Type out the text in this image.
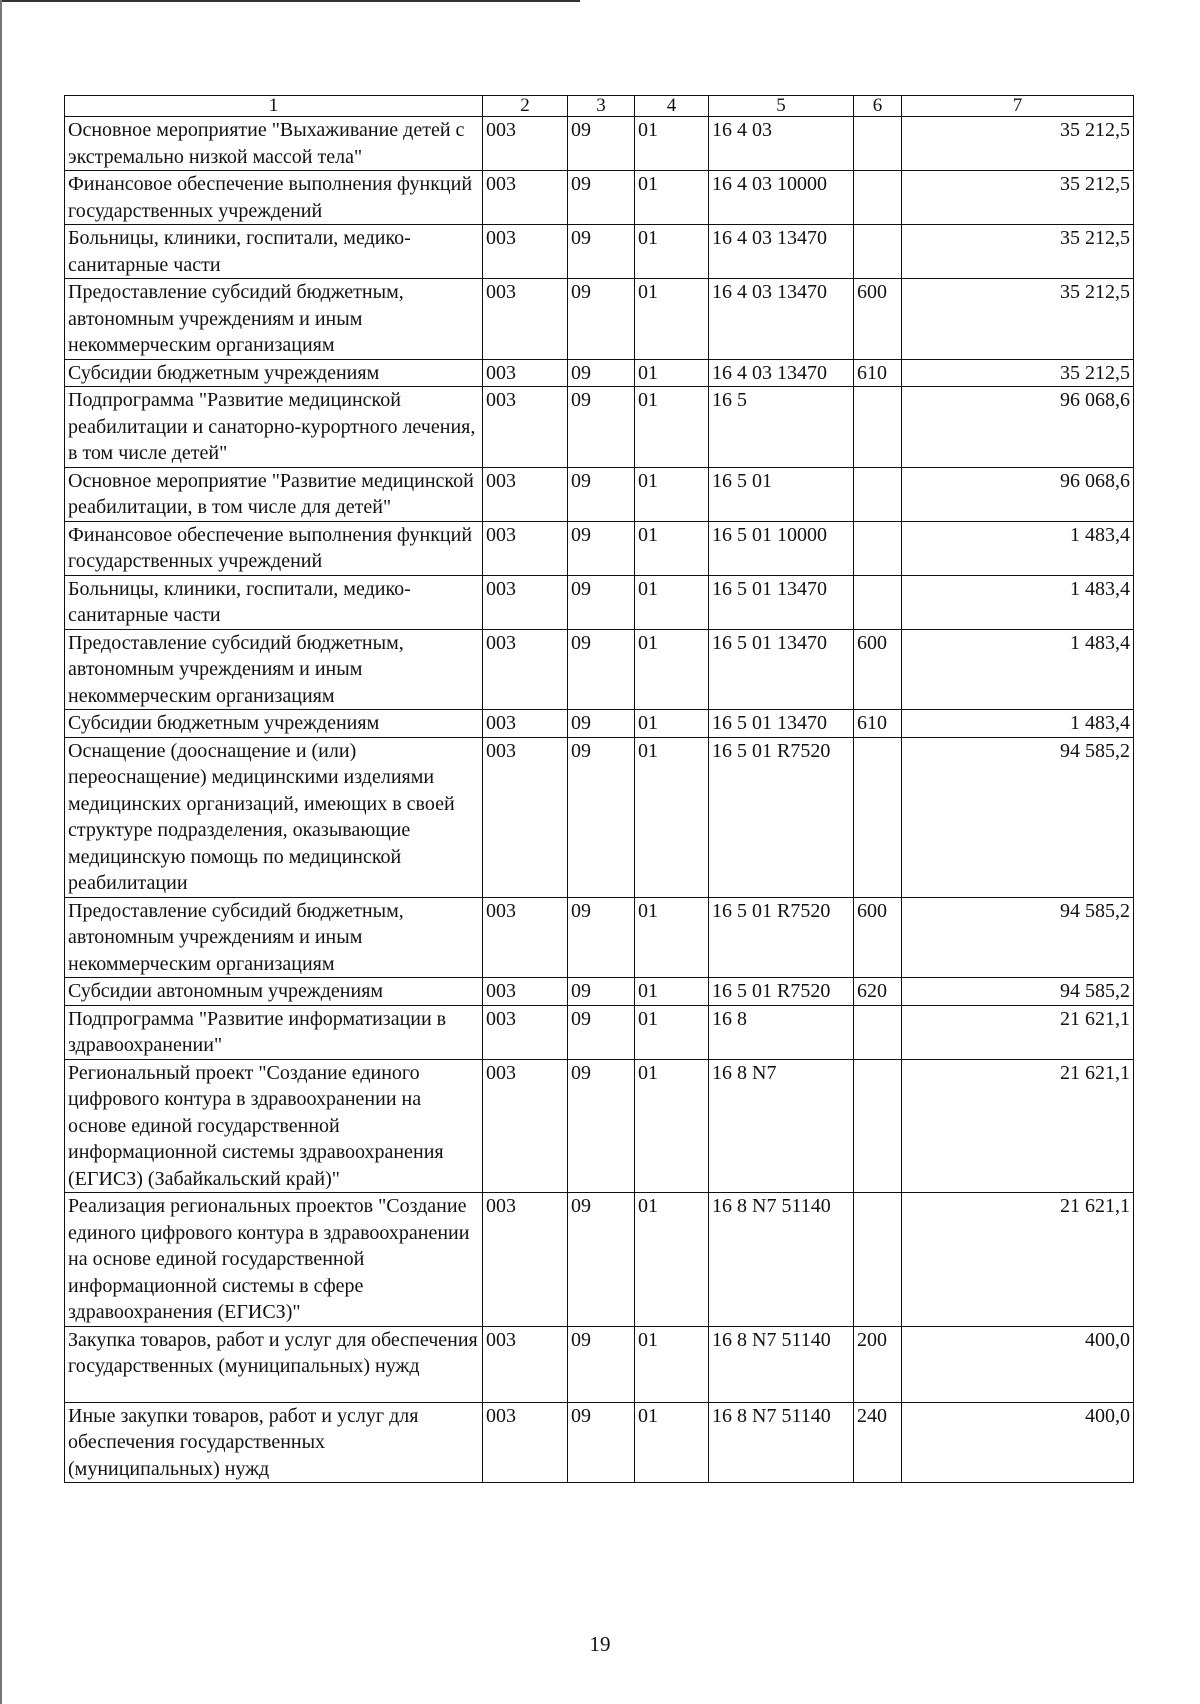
1	2	3	4	5	6	7
Основное мероприятие "Выхаживание детей с экстремально низкой массой тела"	003	09	01	16 4 03		35 212,5
Финансовое обеспечение выполнения функций государственных учреждений	003	09	01	16 4 03 10000		35 212,5
Больницы, клиники, госпитали, медико-санитарные части	003	09	01	16 4 03 13470		35 212,5
Предоставление субсидий бюджетным, автономным учреждениям и иным некоммерческим организациям	003	09	01	16 4 03 13470	600	35 212,5
Субсидии бюджетным учреждениям	003	09	01	16 4 03 13470	610	35 212,5
Подпрограмма "Развитие медицинской реабилитации и санаторно-курортного лечения, в том числе детей"	003	09	01	16 5		96 068,6
Основное мероприятие "Развитие медицинской реабилитации, в том числе для детей"	003	09	01	16 5 01		96 068,6
Финансовое обеспечение выполнения функций государственных учреждений	003	09	01	16 5 01 10000		1 483,4
Больницы, клиники, госпитали, медико-санитарные части	003	09	01	16 5 01 13470		1 483,4
Предоставление субсидий бюджетным, автономным учреждениям и иным некоммерческим организациям	003	09	01	16 5 01 13470	600	1 483,4
Субсидии бюджетным учреждениям	003	09	01	16 5 01 13470	610	1 483,4
Оснащение (дооснащение и (или) переоснащение) медицинскими изделиями медицинских организаций, имеющих в своей структуре подразделения, оказывающие медицинскую помощь по медицинской реабилитации	003	09	01	16 5 01 R7520		94 585,2
Предоставление субсидий бюджетным, автономным учреждениям и иным некоммерческим организациям	003	09	01	16 5 01 R7520	600	94 585,2
Субсидии автономным учреждениям	003	09	01	16 5 01 R7520	620	94 585,2
Подпрограмма "Развитие информатизации в здравоохранении"	003	09	01	16 8		21 621,1
Региональный проект "Создание единого цифрового контура в здравоохранении на основе единой государственной информационной системы здравоохранения (ЕГИСЗ) (Забайкальский край)"	003	09	01	16 8 N7		21 621,1
Реализация региональных проектов "Создание единого цифрового контура в здравоохранении на основе единой государственной информационной системы в сфере здравоохранения (ЕГИСЗ)"	003	09	01	16 8 N7 51140		21 621,1
Закупка товаров, работ и услуг для обеспечения государственных (муниципальных) нужд	003	09	01	16 8 N7 51140	200	400,0
Иные закупки товаров, работ и услуг для обеспечения государственных (муниципальных) нужд	003	09	01	16 8 N7 51140	240	400,0
19
